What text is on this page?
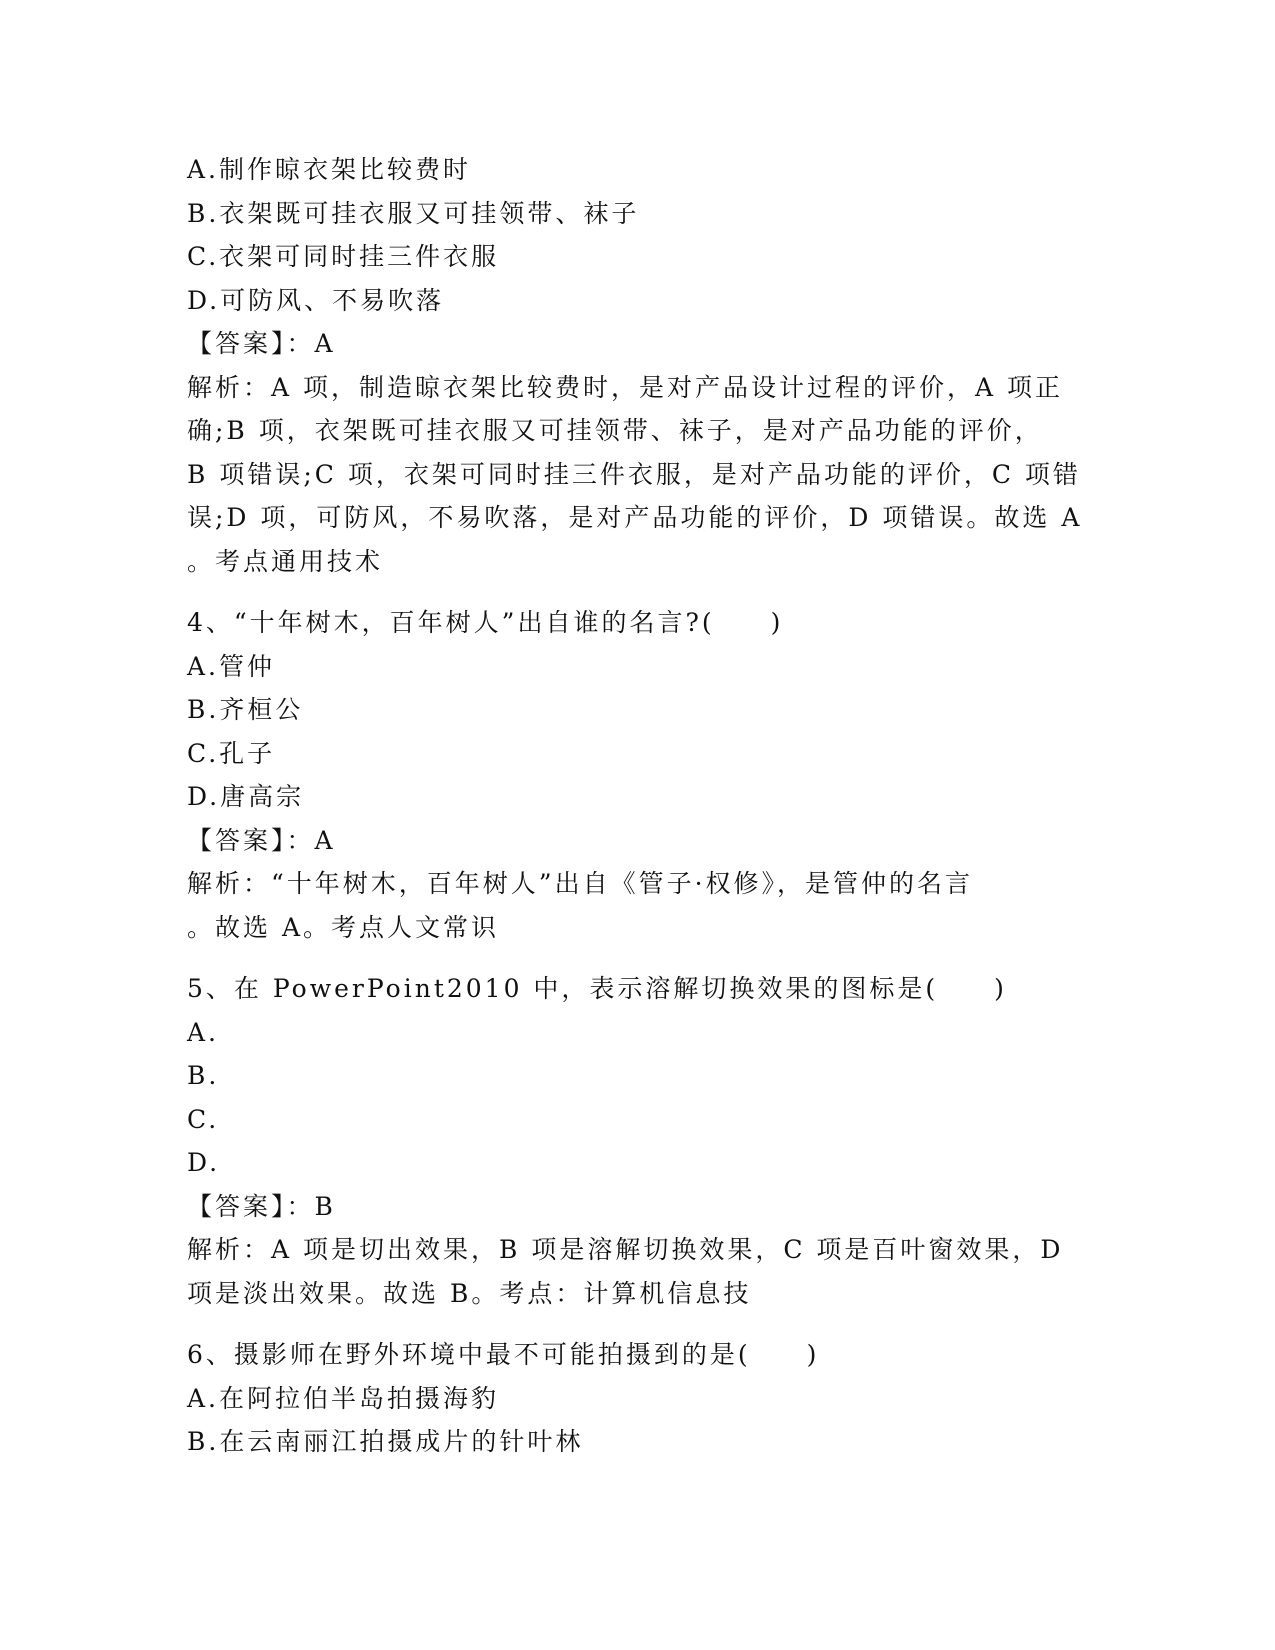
A.制作晾衣架比较费时

B.衣架既可挂衣服又可挂领带、袜子

C.衣架可同时挂三件衣服

D.可防风、不易吹落

【答案】：A

解析：A 项，制造晾衣架比较费时，是对产品设计过程的评价，A 项正

确;B 项，衣架既可挂衣服又可挂领带、袜子，是对产品功能的评价，

B 项错误;C 项，衣架可同时挂三件衣服，是对产品功能的评价，C 项错

误;D 项，可防风，不易吹落，是对产品功能的评价，D 项错误。故选 A

。考点通用技术

4、“十年树木，百年树人”出自谁的名言?(　　)

A.管仲

B.齐桓公

C.孔子

D.唐高宗

【答案】：A

解析：“十年树木，百年树人”出自《管子·权修》，是管仲的名言

。故选 A。考点人文常识

5、在 PowerPoint2010 中，表示溶解切换效果的图标是(　　)

A.

B.

C.

D.

【答案】：B

解析：A 项是切出效果，B 项是溶解切换效果，C 项是百叶窗效果，D

项是淡出效果。故选 B。考点：计算机信息技

6、摄影师在野外环境中最不可能拍摄到的是(　　)

A.在阿拉伯半岛拍摄海豹

B.在云南丽江拍摄成片的针叶林
